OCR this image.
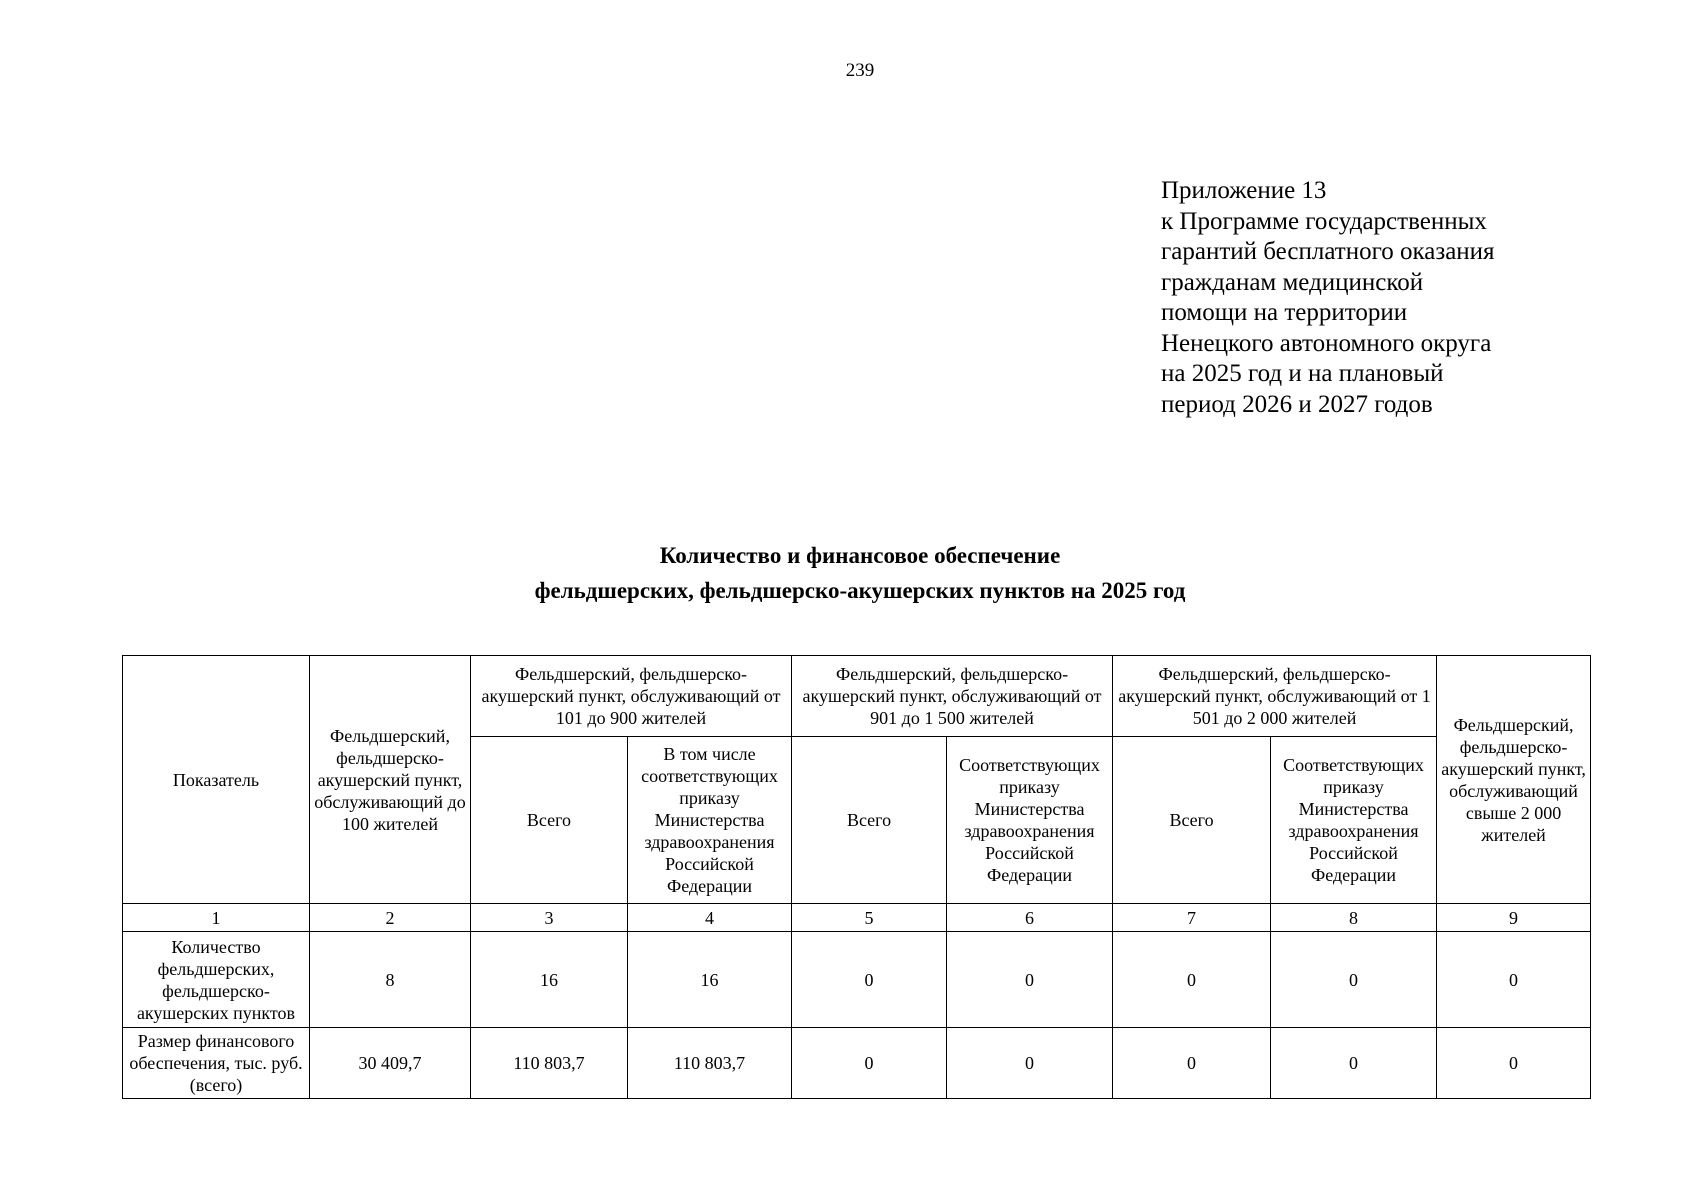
239
Приложение 13
к Программе государственных
гарантий бесплатного оказания
гражданам медицинской
помощи на территории
Ненецкого автономного округа
на 2025 год и на плановый
период 2026 и 2027 годов
Количество и финансовое обеспечение
фельдшерских, фельдшерско-акушерских пунктов на 2025 год
Показатель	Фельдшерский, фельдшерско-акушерский пункт, обслуживающий до 100 жителей	Фельдшерский, фельдшерско-акушерский пункт, обслуживающий от 101 до 900 жителей		Фельдшерский, фельдшерско-акушерский пункт, обслуживающий от 901 до 1 500 жителей		Фельдшерский, фельдшерско-акушерский пункт, обслуживающий от 1 501 до 2 000 жителей		Фельдшерский, фельдшерско-акушерский пункт, обслуживающий свыше 2 000 жителей
		Всего	В том числе соответствующих приказу Министерства здравоохранения Российской Федерации	Всего	Соответствующих приказу Министерства здравоохранения Российской Федерации	Всего	Соответствующих приказу Министерства здравоохранения Российской Федерации	
1	2	3	4	5	6	7	8	9
Количество фельдшерских, фельдшерско-акушерских пунктов	8	16	16	0	0	0	0	0
Размер финансового обеспечения, тыс. руб. (всего)	30 409,7	110 803,7	110 803,7	0	0	0	0	0
